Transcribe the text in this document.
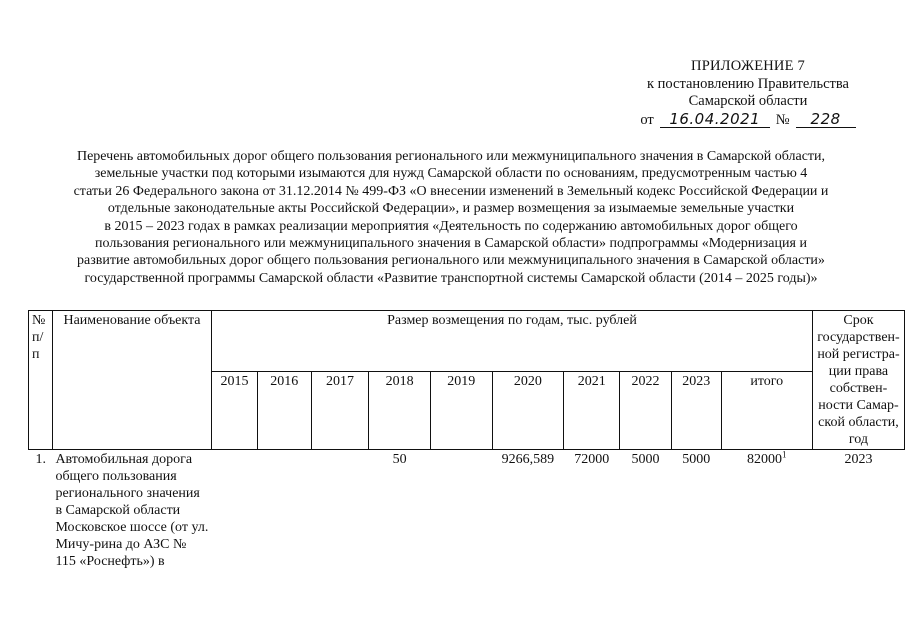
ПРИЛОЖЕНИЕ 7
к постановлению Правительства
Самарской области
от	16.04.2021	№	228
Перечень автомобильных дорог общего пользования регионального или межмуниципального значения в Самарской области,
земельные участки под которыми изымаются для нужд Самарской области по основаниям, предусмотренным частью 4
статьи 26 Федерального закона от 31.12.2014 № 499-ФЗ «О внесении изменений в Земельный кодекс Российской Федерации и
отдельные законодательные акты Российской Федерации», и размер возмещения за изымаемые земельные участки
в 2015 – 2023 годах в рамках реализации мероприятия «Деятельность по содержанию автомобильных дорог общего
пользования регионального или межмуниципального значения в Самарской области» подпрограммы «Модернизация и
развитие автомобильных дорог общего пользования регионального или межмуниципального значения в Самарской области»
государственной программы Самарской области «Развитие транспортной системы Самарской области (2014 – 2025 годы)»
№ п/п	Наименование объекта	Размер возмещения по годам, тыс. рублей										Срок государствен-ной регистра-ции права собствен-ности Самар-ской области, год
		2015	2016	2017	2018	2019	2020	2021	2022	2023	итого	
1.	Автомобильная дорога общего пользования регионального значения в Самарской области Московское шоссе (от ул. Мичу-рина до АЗС № 115 «Роснефть») в				50		9266,589	72000	5000	5000	82000$^1$	2023
